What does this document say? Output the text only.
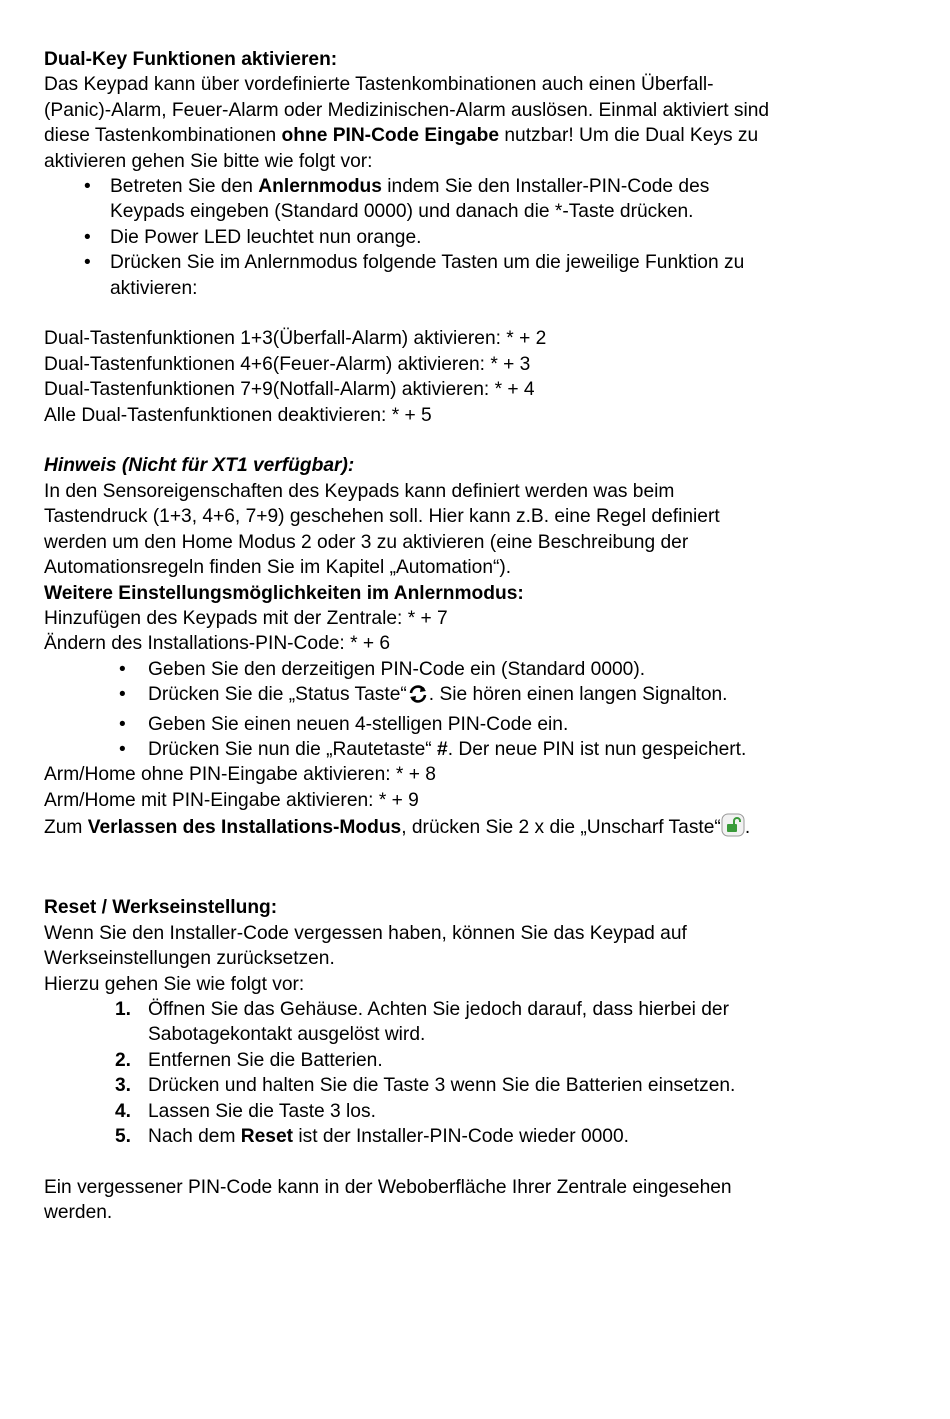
Dual-Key Funktionen aktivieren:
Das Keypad kann über vordefinierte Tastenkombinationen auch einen Überfall-
(Panic)-Alarm, Feuer-Alarm oder Medizinischen-Alarm auslösen. Einmal aktiviert sind
diese Tastenkombinationen ohne PIN-Code Eingabe nutzbar! Um die Dual Keys zu
aktivieren gehen Sie bitte wie folgt vor:
• Betreten Sie den Anlernmodus indem Sie den Installer-PIN-Code des
Keypads eingeben (Standard 0000) und danach die *-Taste drücken.
• Die Power LED leuchtet nun orange.
• Drücken Sie im Anlernmodus folgende Tasten um die jeweilige Funktion zu
aktivieren:
Dual-Tastenfunktionen 1+3(Überfall-Alarm) aktivieren: * + 2
Dual-Tastenfunktionen 4+6(Feuer-Alarm) aktivieren: * + 3
Dual-Tastenfunktionen 7+9(Notfall-Alarm) aktivieren: * + 4
Alle Dual-Tastenfunktionen deaktivieren: * + 5
Hinweis (Nicht für XT1 verfügbar):
In den Sensoreigenschaften des Keypads kann definiert werden was beim
Tastendruck (1+3, 4+6, 7+9) geschehen soll. Hier kann z.B. eine Regel definiert
werden um den Home Modus 2 oder 3 zu aktivieren (eine Beschreibung der
Automationsregeln finden Sie im Kapitel „Automation“).
Weitere Einstellungsmöglichkeiten im Anlernmodus:
Hinzufügen des Keypads mit der Zentrale: * + 7
Ändern des Installations-PIN-Code: * + 6
• Geben Sie den derzeitigen PIN-Code ein (Standard 0000).
• Drücken Sie die „Status Taste“ . Sie hören einen langen Signalton.
• Geben Sie einen neuen 4-stelligen PIN-Code ein.
• Drücken Sie nun die „Rautetaste“ #. Der neue PIN ist nun gespeichert.
Arm/Home ohne PIN-Eingabe aktivieren: * + 8
Arm/Home mit PIN-Eingabe aktivieren: * + 9
Zum Verlassen des Installations-Modus, drücken Sie 2 x die „Unscharf Taste“ .
Reset / Werkseinstellung:
Wenn Sie den Installer-Code vergessen haben, können Sie das Keypad auf
Werkseinstellungen zurücksetzen.
Hierzu gehen Sie wie folgt vor:
1. Öffnen Sie das Gehäuse. Achten Sie jedoch darauf, dass hierbei der
Sabotagekontakt ausgelöst wird.
2. Entfernen Sie die Batterien.
3. Drücken und halten Sie die Taste 3 wenn Sie die Batterien einsetzen.
4. Lassen Sie die Taste 3 los.
5. Nach dem Reset ist der Installer-PIN-Code wieder 0000.
Ein vergessener PIN-Code kann in der Weboberfläche Ihrer Zentrale eingesehen
werden.
